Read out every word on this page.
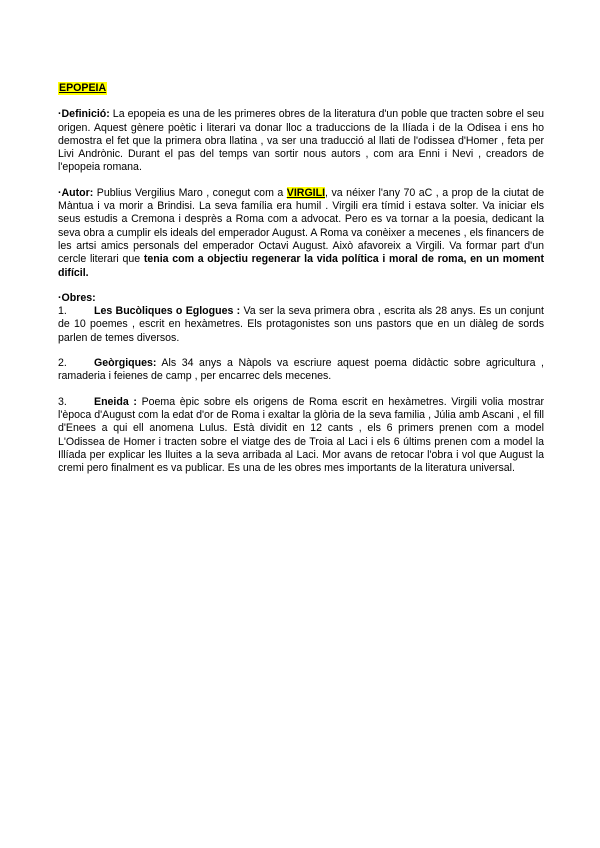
EPOPEIA

·Definició: La epopeia es una de les primeres obres de la literatura d'un poble que tracten sobre el seu origen. Aquest gènere poètic i literari va donar lloc a traduccions de la Ilíada i de la Odisea i ens ho demostra el fet que la primera obra llatina , va ser una traducció al llati de l'odissea d'Homer , feta per Livi Andrònic. Durant el pas del temps van sortir nous autors , com ara Enni i Nevi , creadors de l'epopeia romana.

·Autor: Publius Vergilius Maro , conegut com a VIRGILI, va néixer l'any 70 aC , a prop de la ciutat de Màntua i va morir a Brindisi. La seva família era humil . Virgili era tímid i estava solter. Va iniciar els seus estudis a Cremona i desprès a Roma com a advocat. Pero es va tornar a la poesia, dedicant la seva obra a cumplir els ideals del emperador August. A Roma va conèixer a mecenes , els financers de les artsi amics personals del emperador Octavi August. Això afavoreix a Virgili. Va formar part d'un cercle literari que tenia com a objectiu regenerar la vida política i moral de roma, en un moment difícil.

·Obres:
1.	Les Bucòliques o Eglogues : Va ser la seva primera obra , escrita als 28 anys. Es un conjunt de 10 poemes , escrit en hexàmetres. Els protagonistes son uns pastors que en un diàleg de sords parlen de temes diversos.
2.	Geòrgiques: Als 34 anys a Nàpols va escriure aquest poema didàctic sobre agricultura , ramaderia i feienes de camp , per encarrec dels mecenes.
3.	Eneida : Poema èpic sobre els origens de Roma escrit en hexàmetres. Virgili volia mostrar l'època d'August com la edat d'or de Roma i exaltar la glòria de la seva familia , Júlia amb Ascani , el fill d'Enees a qui ell anomena Lulus. Està dividit en 12 cants , els 6 primers prenen com a model L'Odissea de Homer i tracten sobre el viatge des de Troia al Laci i els 6 últims prenen com a model la Illíada per explicar les lluites a la seva arribada al Laci. Mor avans de retocar l'obra i vol que August la cremi pero finalment es va publicar. Es una de les obres mes importants de la literatura universal.
